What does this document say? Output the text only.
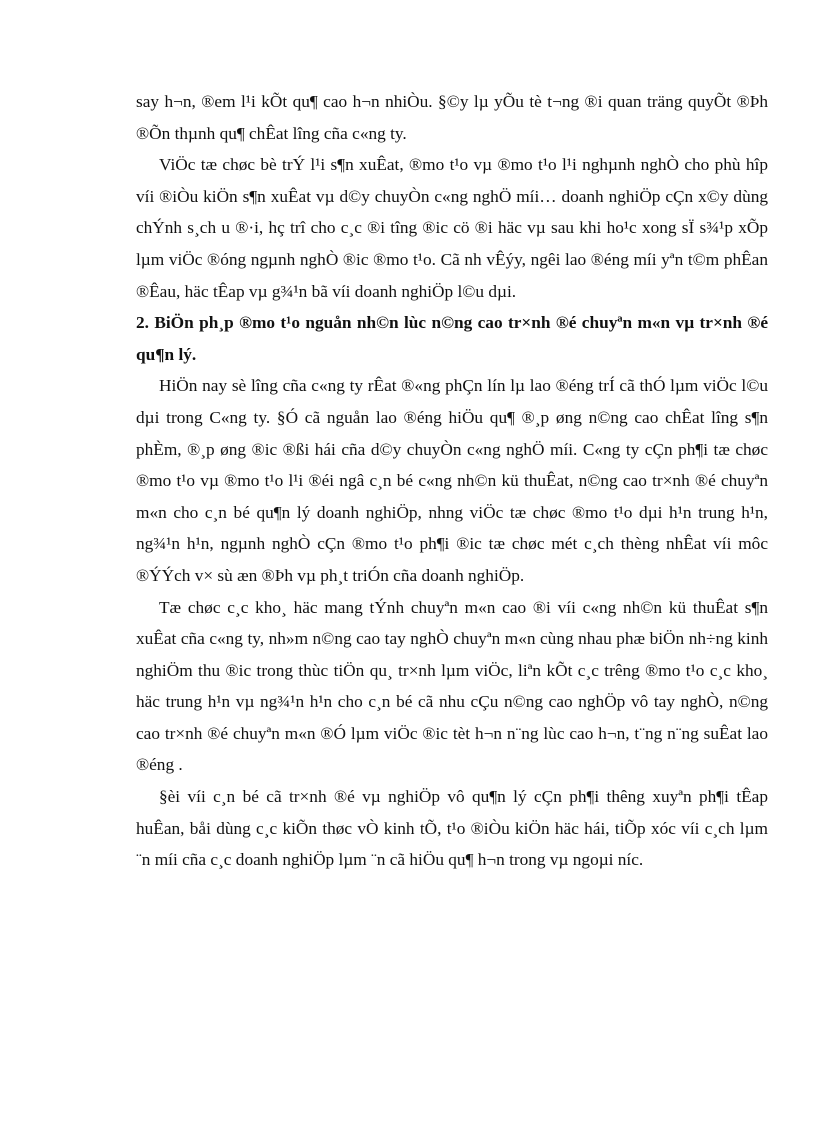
say h¬n, ®em l¹i kÕt qu¶ cao h¬n nhiÒu. §©y lµ yÕu tè t¬ng ®i quan träng quyÕt ®Þh ®Õn thµnh qu¶ chÊat lîng cña c«ng ty.

ViÖc tæ chøc bè trÝ l¹i s¶n xuÊat, ®mo t¹o vµ ®mo t¹o l¹i nghµnh nghÒ cho phù hîp víi ®iÒu kiÖn s¶n xuÊat vµ d©y chuyÒn c«ng nghÖ míi… doanh nghiÖp cÇn x©y dùng chÝnh s¸ch u ®·i, hç trî cho c¸c ®i tîng ®ic cö ®i häc vµ sau khi ho¹c xong sÏ s¾¹p xÕp lµm viÖc ®óng ngµnh nghÒ ®ic ®mo t¹o. Cã nh vÊýy, ngêi lao ®éng míi yªn t©m phÊan ®Êau, häc tÊap vµ g¾¹n bã víi doanh nghiÖp l©u dµi.

2. BiÖn ph¸p ®mo t¹o nguån nh©n lùc n©ng cao tr×nh ®é chuyªn m«n vµ tr×nh ®é qu¶n lý.

HiÖn nay sè lîng cña c«ng ty rÊat ®«ng phÇn lín lµ lao ®éng trÍ cã thÓ lµm viÖc l©u dµi trong C«ng ty. §Ó cã nguån lao ®éng hiÖu qu¶ ®¸p øng n©ng cao chÊat lîng s¶n phÈm, ®¸p øng ®ic ®ßi hái cña d©y chuyÒn c«ng nghÖ míi. C«ng ty cÇn ph¶i tæ chøc ®mo t¹o vµ ®mo t¹o l¹i ®éi ngâ c¸n bé c«ng nh©n kü thuÊat, n©ng cao tr×nh ®é chuyªn m«n cho c¸n bé qu¶n lý doanh nghiÖp, nhng viÖc tæ chøc ®mo t¹o dµi h¹n trung h¹n, ng¾¹n h¹n, ngµnh nghÒ cÇn ®mo t¹o ph¶i ®ic tæ chøc mét c¸ch thèng nhÊat víi môc ®ÝÝch v× sù æn ®Þh vµ ph¸t triÓn cña doanh nghiÖp.

Tæ chøc c¸c kho¸ häc mang tÝnh chuyªn m«n cao ®i víi c«ng nh©n kü thuÊat s¶n xuÊat cña c«ng ty, nh»m n©ng cao tay nghÒ chuyªn m«n cùng nhau phæ biÖn nh÷ng kinh nghiÖm thu ®ic trong thùc tiÖn qu¸ tr×nh lµm viÖc, liªn kÕt c¸c trêng ®mo t¹o c¸c kho¸ häc trung h¹n vµ ng¾¹n h¹n cho c¸n bé cã nhu cÇu n©ng cao nghÖp vô tay nghÒ, n©ng cao tr×nh ®é chuyªn m«n ®Ó lµm viÖc ®ic tèt h¬n n¨ng lùc cao h¬n, t¨ng n¨ng suÊat lao ®éng .

§èi víi c¸n bé cã tr×nh ®é vµ nghiÖp vô qu¶n lý cÇn ph¶i thêng xuyªn ph¶i tÊap huÊan, båi dùng c¸c kiÕn thøc vÒ kinh tÕ, t¹o ®iÒu kiÖn häc hái, tiÕp xóc víi c¸ch lµm ¨n míi cña c¸c doanh nghiÖp lµm ¨n cã hiÖu qu¶ h¬n trong vµ ngoµi níc.
